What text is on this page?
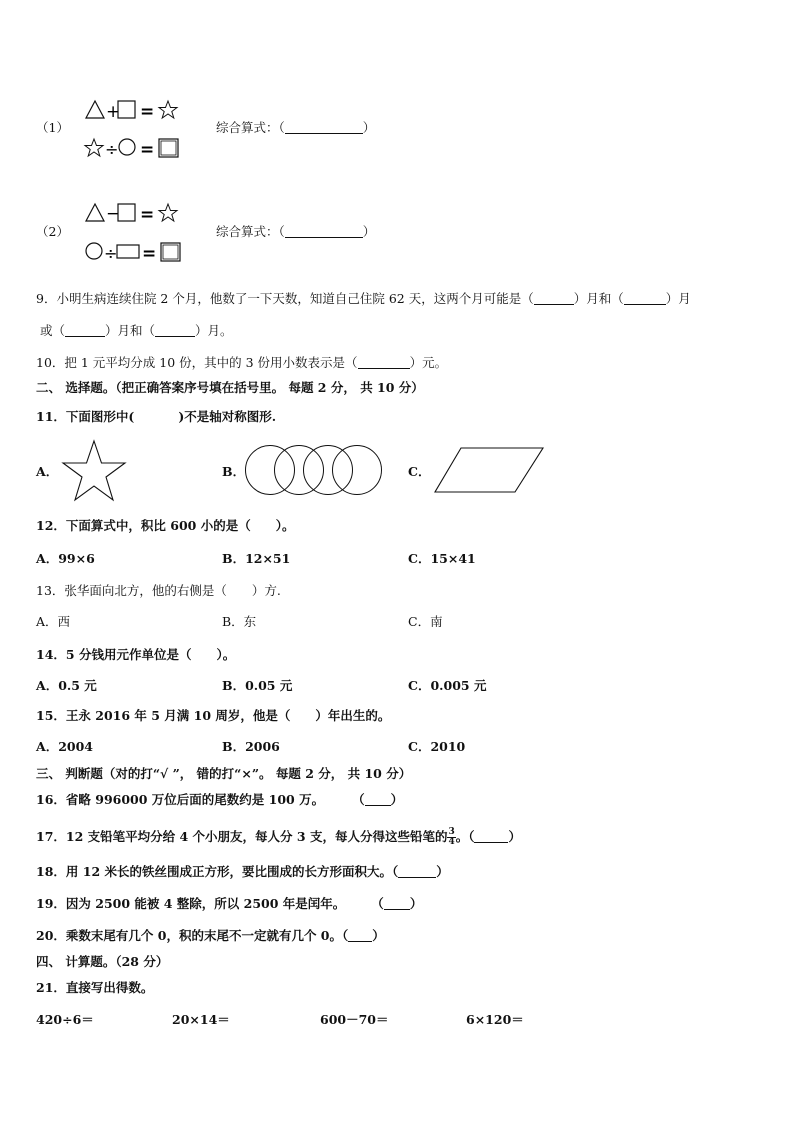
（1）
+ =
÷ =
综合算式：（	）
（2）
− =
÷ =
综合算式：（	）
9．小明生病连续住院 2 个月，他数了一下天数，知道自己住院 62 天，这两个月可能是（	）月和（	）月
或（	）月和（	）月。
10．把 1 元平均分成 10 份，其中的 3 份用小数表示是（	）元。
二、 选择题。（把正确答案序号填在括号里。 每题 2 分， 共 10 分）
11．下面图形中(	)不是轴对称图形.
A．	B．	C．
12．下面算式中，积比 600 小的是（　　）。
A．99×6	B．12×51	C．15×41
13．张华面向北方，他的右侧是（　　）方.
A．西	B．东	C．南
14．5 分钱用元作单位是（　　）。
A．0.5 元	B．0.05 元	C．0.005 元
15．王永 2016 年 5 月满 10 周岁，他是（　　）年出生的。
A．2004	B．2006	C．2010
三、 判断题（对的打“√ ”， 错的打“×”。 每题 2 分， 共 10 分）
16．省略 996000 万位后面的尾数约是 100 万。 （ ）
17．12 支铅笔平均分给 4 个小朋友，每人分 3 支，每人分得这些铅笔的 $\frac{3}{4}$ 。（	）
18．用 12 米长的铁丝围成正方形，要比围成的长方形面积大。（	）
19．因为 2500 能被 4 整除，所以 2500 年是闰年。 （ ）
20．乘数末尾有几个 0，积的末尾不一定就有几个 0。（ ）
四、 计算题。（28 分）
21．直接写出得数。
420÷6＝	20×14＝	600－70＝	6×120＝
